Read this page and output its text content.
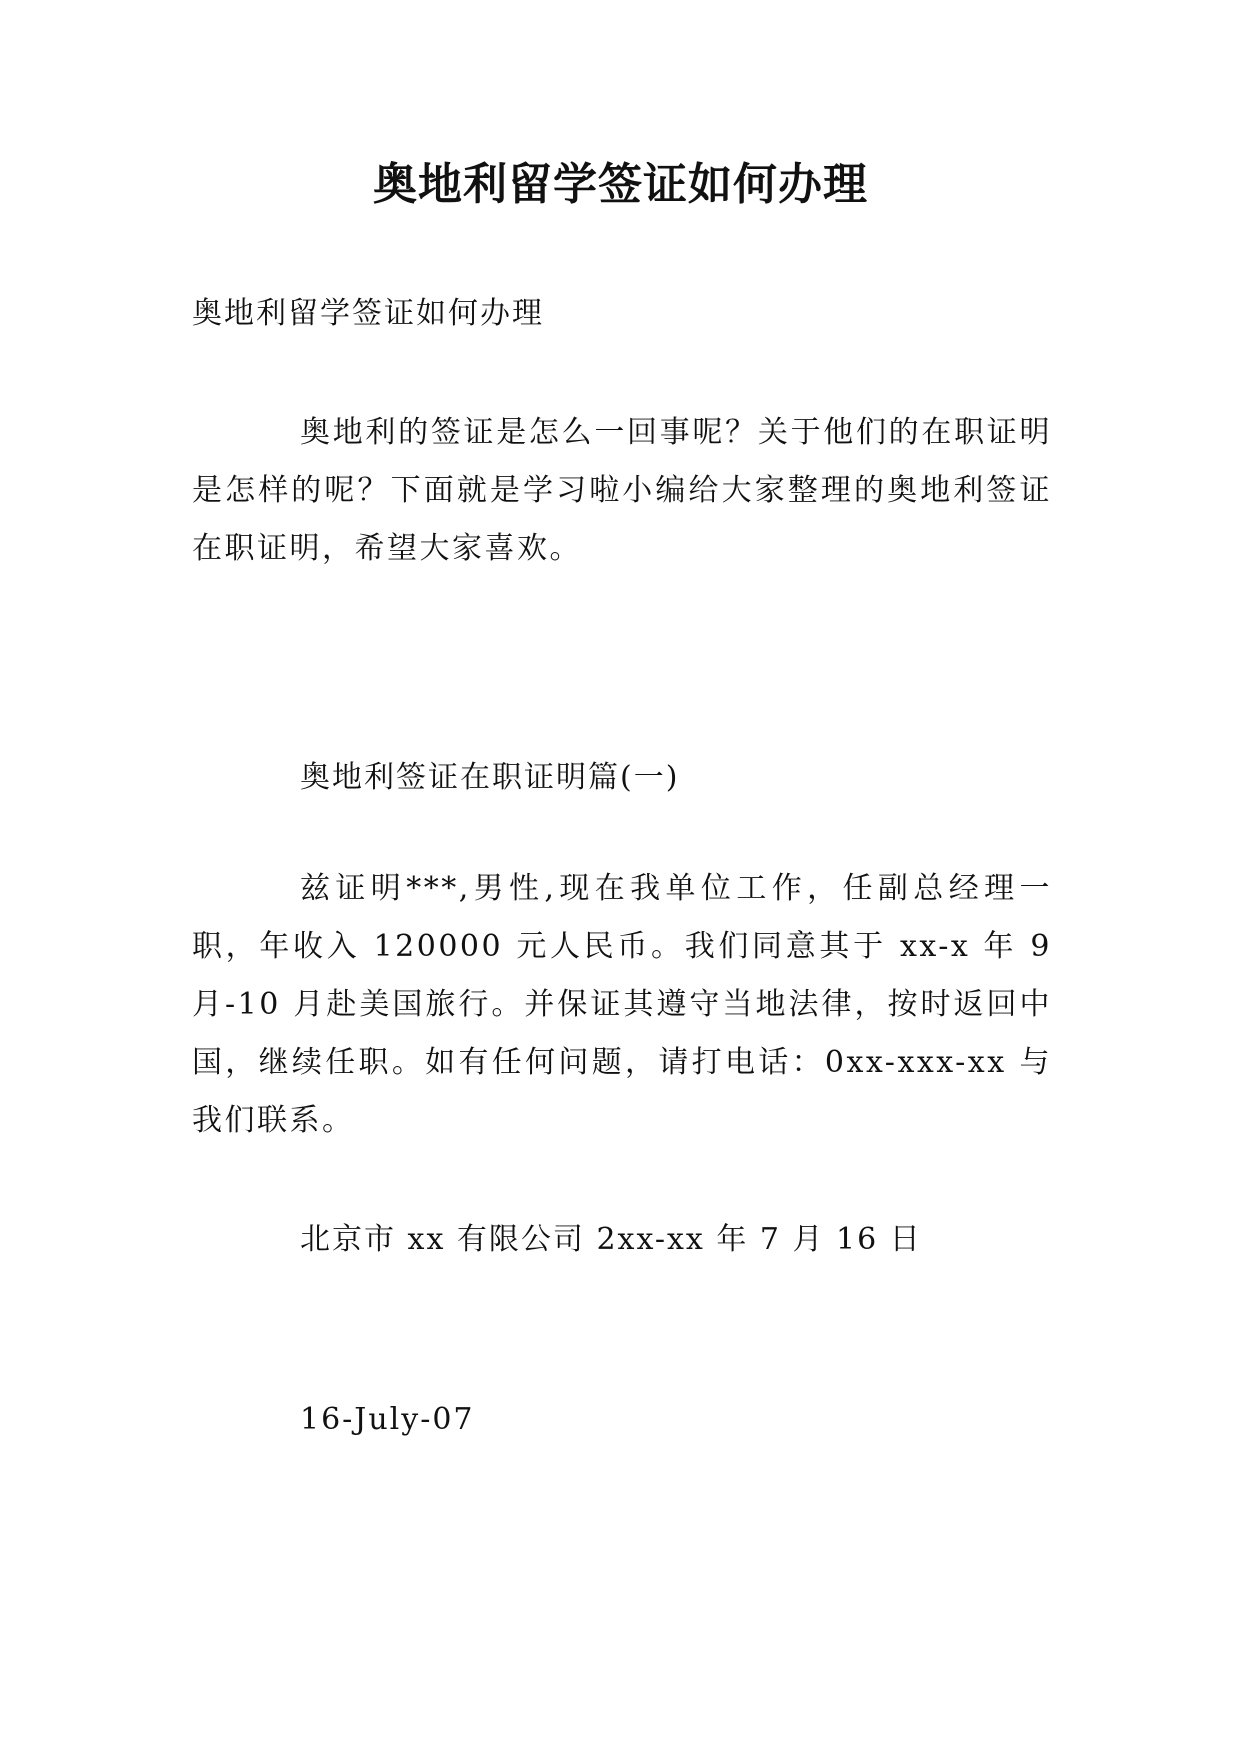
奥地利留学签证如何办理

奥地利留学签证如何办理

奥地利的签证是怎么一回事呢？关于他们的在职证明是怎样的呢？下面就是学习啦小编给大家整理的奥地利签证在职证明，希望大家喜欢。

奥地利签证在职证明篇(一)

兹证明***,男性,现在我单位工作，任副总经理一职，年收入 120000 元人民币。我们同意其于 xx-x 年 9 月-10 月赴美国旅行。并保证其遵守当地法律，按时返回中国，继续任职。如有任何问题，请打电话：0xx-xxx-xx 与我们联系。

北京市 xx 有限公司 2xx-xx 年 7 月 16 日

16-July-07
